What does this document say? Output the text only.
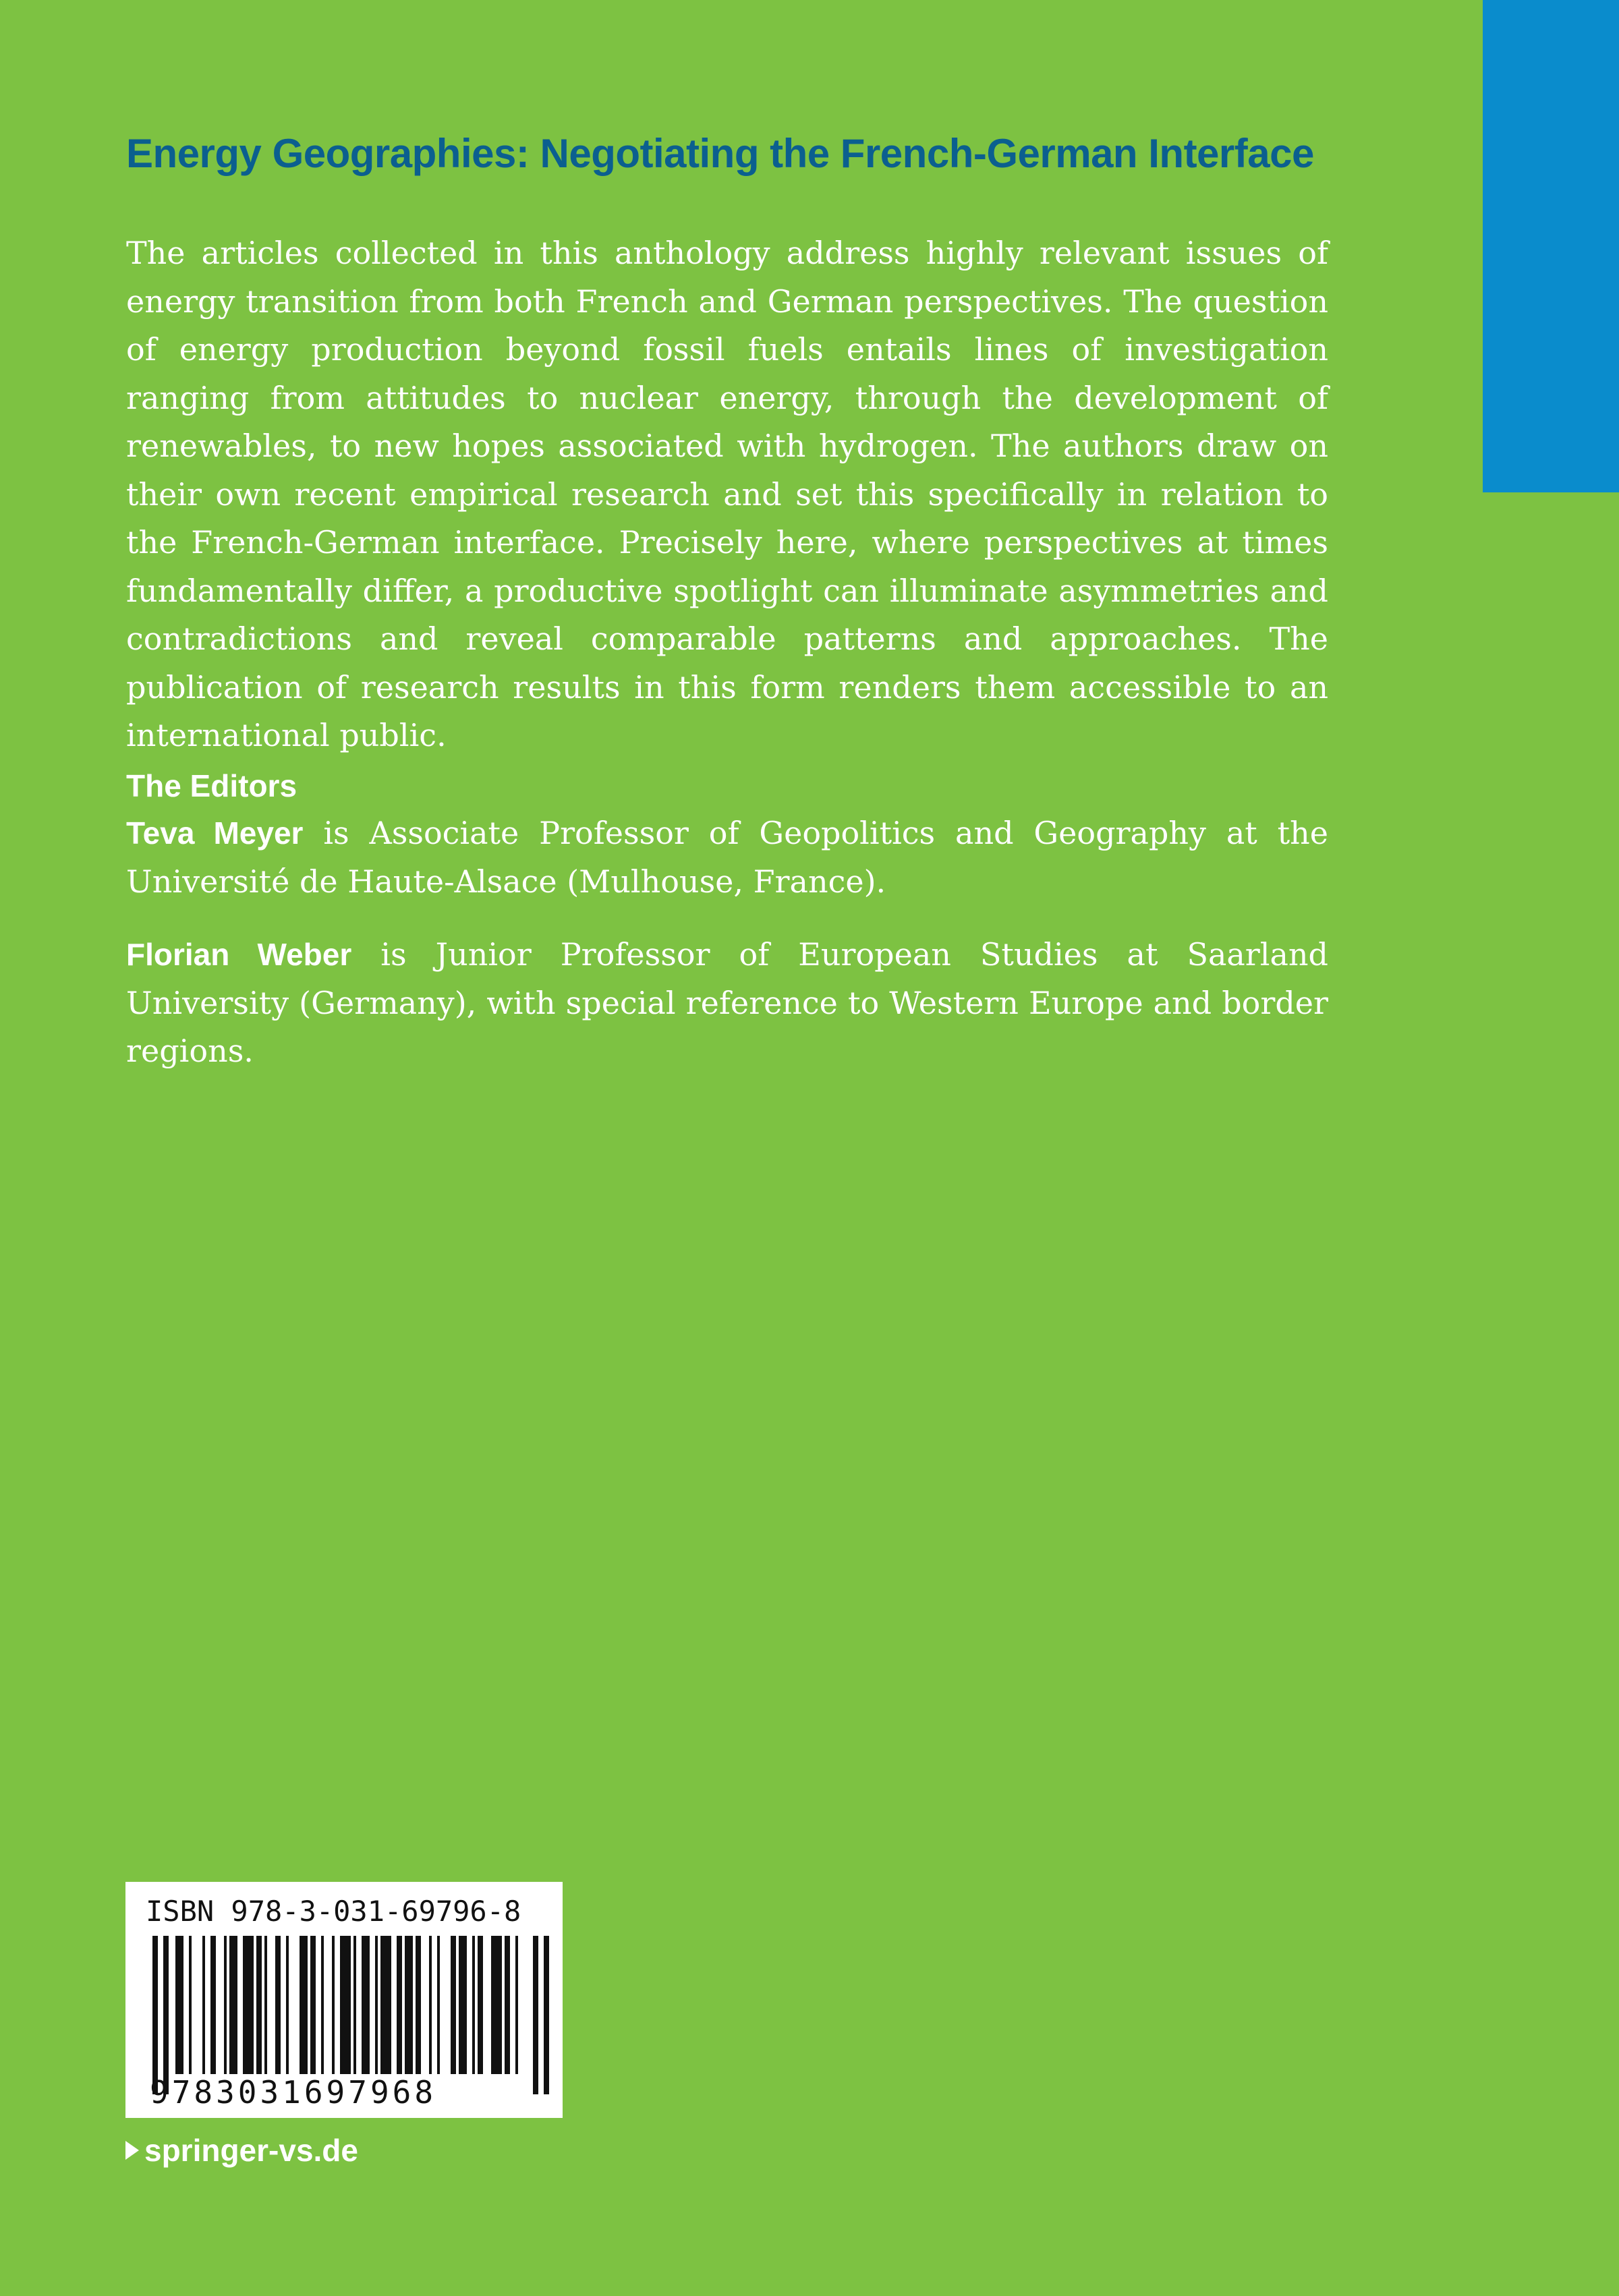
Energy Geographies: Negotiating the French-German Interface

The articles collected in this anthology address highly relevant issues of energy transition from both French and German perspectives. The question of energy production beyond fossil fuels entails lines of investigation ranging from attitudes to nuclear energy, through the development of renewables, to new hopes associated with hydrogen. The authors draw on their own recent empirical research and set this specifically in relation to the French-German interface. Precisely here, where perspectives at times fundamentally differ, a productive spotlight can illuminate asymmetries and contradictions and reveal comparable patterns and approaches. The publication of research results in this form renders them accessible to an international public.

The Editors

Teva Meyer is Associate Professor of Geopolitics and Geography at the Université de Haute-Alsace (Mulhouse, France).

Florian Weber is Junior Professor of European Studies at Saarland University (Germany), with special reference to Western Europe and border regions.

ISBN 978-3-031-69796-8
9783031697968
springer-vs.de
